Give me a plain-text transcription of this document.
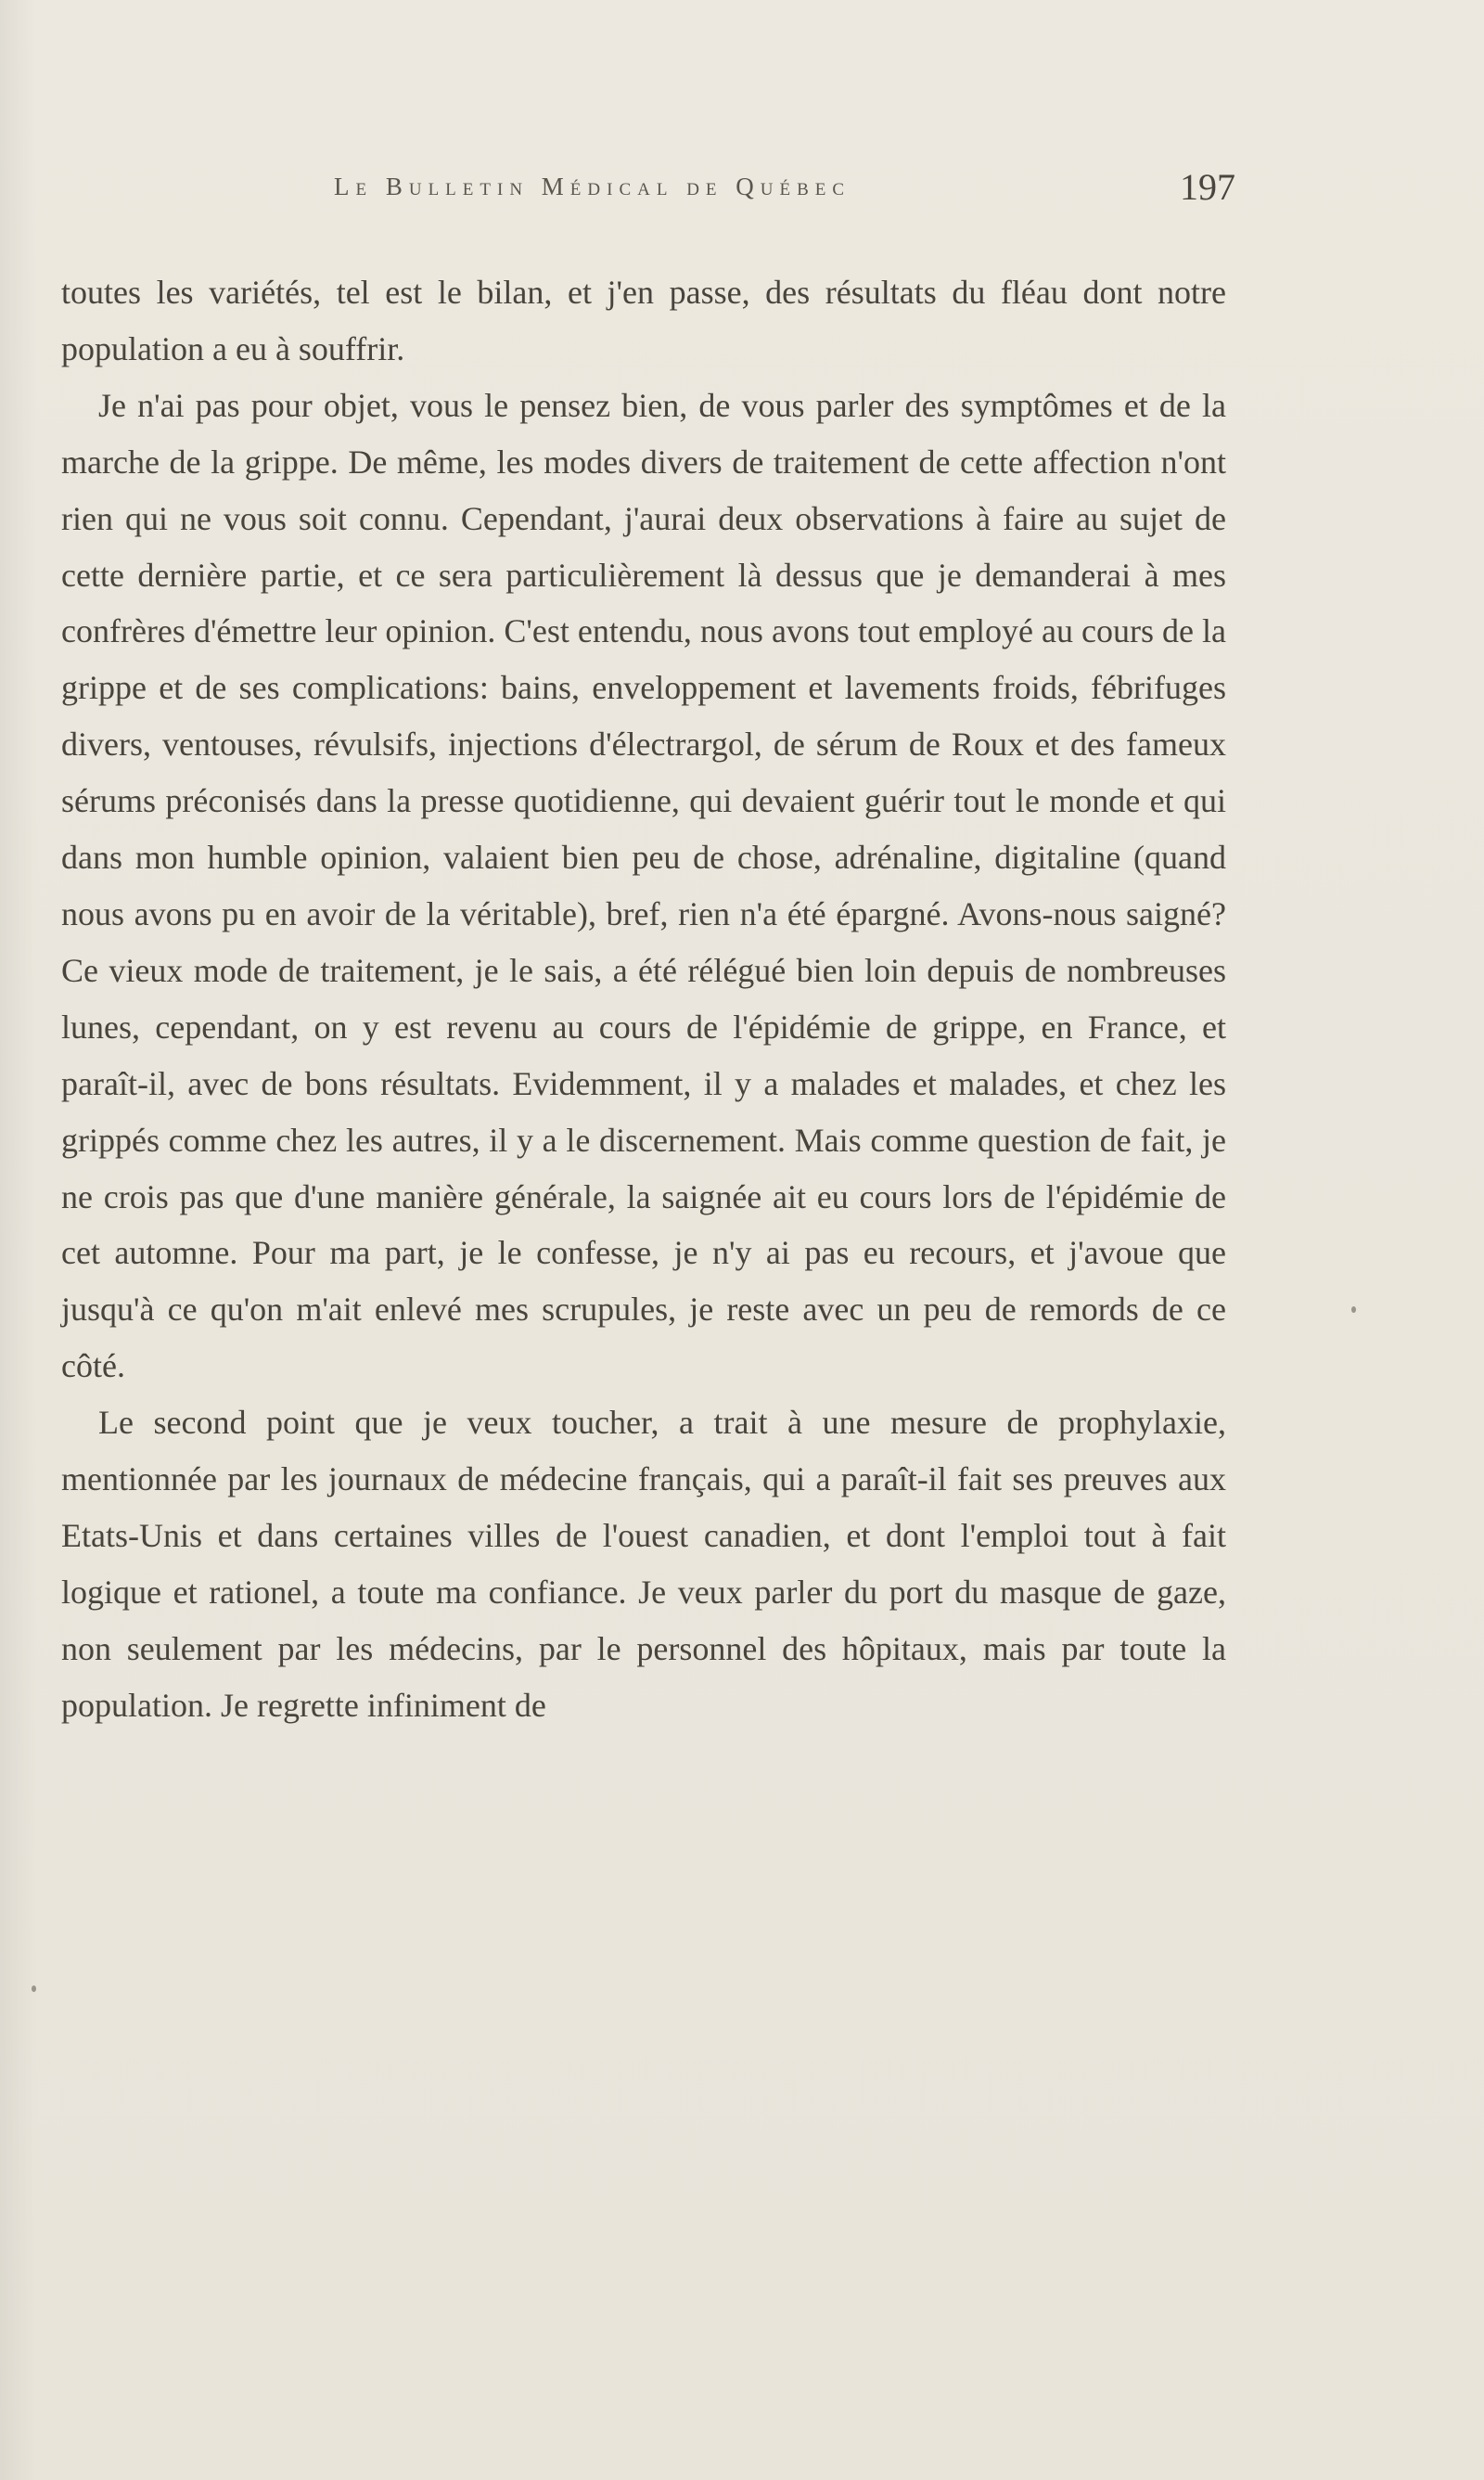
Le Bulletin Médical de Québec	197

toutes les variétés, tel est le bilan, et j'en passe, des résultats du fléau dont notre population a eu à souffrir.

Je n'ai pas pour objet, vous le pensez bien, de vous parler des symptômes et de la marche de la grippe. De même, les modes divers de traitement de cette affection n'ont rien qui ne vous soit connu. Cependant, j'aurai deux observations à faire au sujet de cette dernière partie, et ce sera particulièrement là dessus que je demanderai à mes confrères d'émettre leur opinion. C'est entendu, nous avons tout employé au cours de la grippe et de ses complications: bains, enveloppement et lavements froids, fébrifuges divers, ventouses, révulsifs, injections d'électrargol, de sérum de Roux et des fameux sérums préconisés dans la presse quotidienne, qui devaient guérir tout le monde et qui dans mon humble opinion, valaient bien peu de chose, adrénaline, digitaline (quand nous avons pu en avoir de la véritable), bref, rien n'a été épargné. Avons-nous saigné? Ce vieux mode de traitement, je le sais, a été rélégué bien loin depuis de nombreuses lunes, cependant, on y est revenu au cours de l'épidémie de grippe, en France, et paraît-il, avec de bons résultats. Evidemment, il y a malades et malades, et chez les grippés comme chez les autres, il y a le discernement. Mais comme question de fait, je ne crois pas que d'une manière générale, la saignée ait eu cours lors de l'épidémie de cet automne. Pour ma part, je le confesse, je n'y ai pas eu recours, et j'avoue que jusqu'à ce qu'on m'ait enlevé mes scrupules, je reste avec un peu de remords de ce côté.

Le second point que je veux toucher, a trait à une mesure de prophylaxie, mentionnée par les journaux de médecine français, qui a paraît-il fait ses preuves aux Etats-Unis et dans certaines villes de l'ouest canadien, et dont l'emploi tout à fait logique et rationel, a toute ma confiance. Je veux parler du port du masque de gaze, non seulement par les médecins, par le personnel des hôpitaux, mais par toute la population. Je regrette infiniment de
